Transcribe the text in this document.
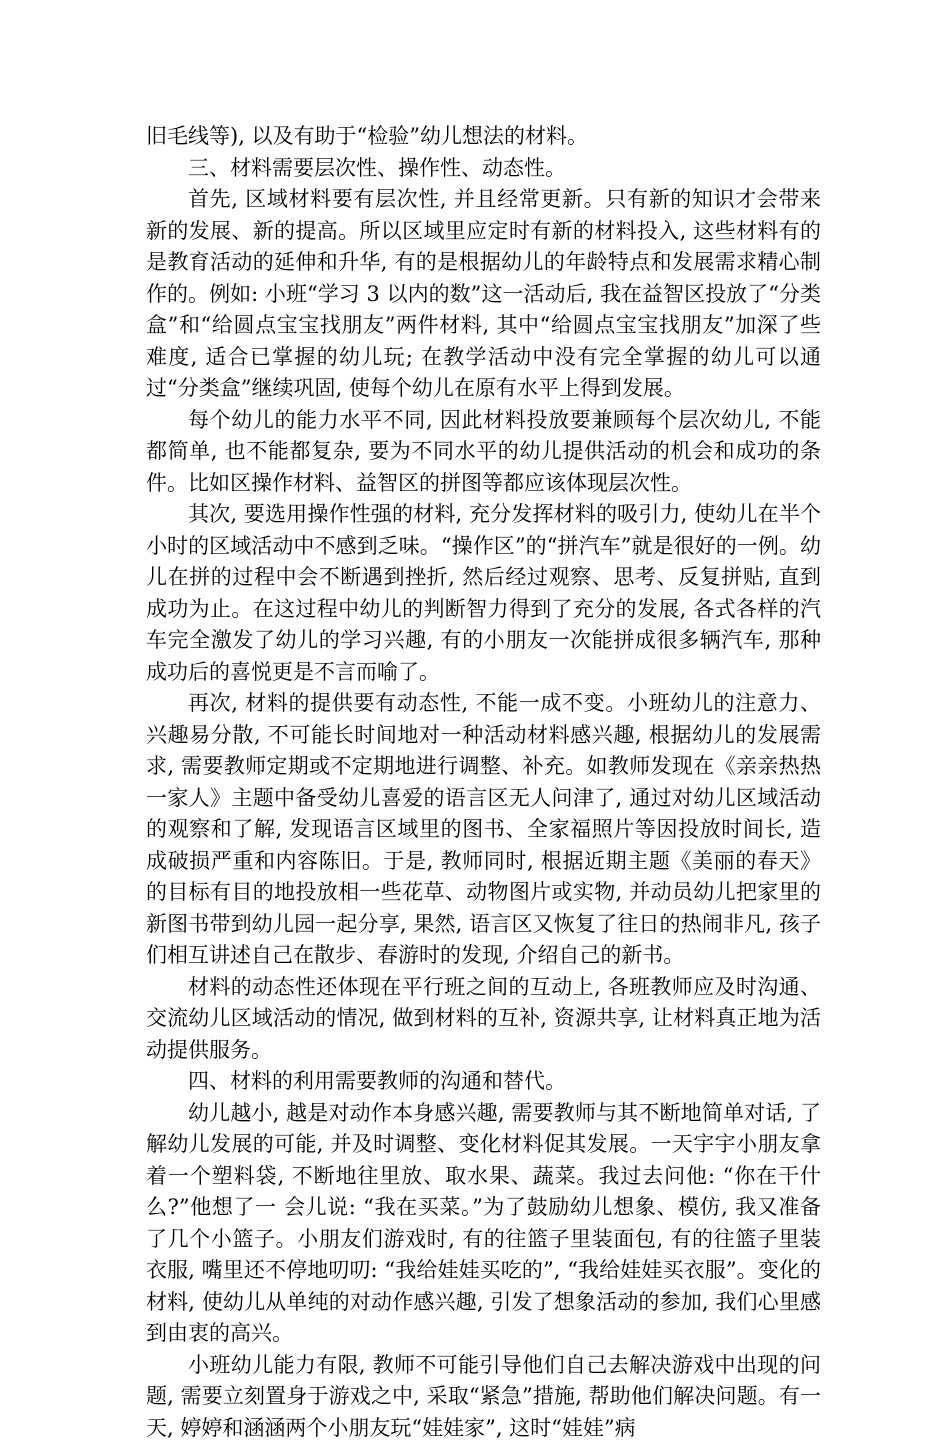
旧毛线等), 以及有助于“检验”幼儿想法的材料。

三、材料需要层次性、操作性、动态性。

首先, 区域材料要有层次性, 并且经常更新。只有新的知识才会带来新的发展、新的提高。所以区域里应定时有新的材料投入, 这些材料有的是教育活动的延伸和升华, 有的是根据幼儿的年龄特点和发展需求精心制作的。例如: 小班“学习 3 以内的数”这一活动后, 我在益智区投放了“分类盒”和“给圆点宝宝找朋友”两件材料, 其中“给圆点宝宝找朋友”加深了些难度, 适合已掌握的幼儿玩; 在教学活动中没有完全掌握的幼儿可以通过“分类盒”继续巩固, 使每个幼儿在原有水平上得到发展。

每个幼儿的能力水平不同, 因此材料投放要兼顾每个层次幼儿, 不能都简单, 也不能都复杂, 要为不同水平的幼儿提供活动的机会和成功的条件。比如区操作材料、益智区的拼图等都应该体现层次性。

其次, 要选用操作性强的材料, 充分发挥材料的吸引力, 使幼儿在半个小时的区域活动中不感到乏味。“操作区”的“拼汽车”就是很好的一例。幼儿在拼的过程中会不断遇到挫折, 然后经过观察、思考、反复拼贴, 直到成功为止。在这过程中幼儿的判断智力得到了充分的发展, 各式各样的汽车完全激发了幼儿的学习兴趣, 有的小朋友一次能拼成很多辆汽车, 那种成功后的喜悦更是不言而喻了。

再次, 材料的提供要有动态性, 不能一成不变。小班幼儿的注意力、兴趣易分散, 不可能长时间地对一种活动材料感兴趣, 根据幼儿的发展需求, 需要教师定期或不定期地进行调整、补充。如教师发现在《亲亲热热一家人》主题中备受幼儿喜爱的语言区无人问津了, 通过对幼儿区域活动的观察和了解, 发现语言区域里的图书、全家福照片等因投放时间长, 造成破损严重和内容陈旧。于是, 教师同时, 根据近期主题《美丽的春天》的目标有目的地投放相一些花草、动物图片或实物, 并动员幼儿把家里的新图书带到幼儿园一起分享, 果然, 语言区又恢复了往日的热闹非凡, 孩子们相互讲述自己在散步、春游时的发现, 介绍自己的新书。

材料的动态性还体现在平行班之间的互动上, 各班教师应及时沟通、交流幼儿区域活动的情况, 做到材料的互补, 资源共享, 让材料真正地为活动提供服务。

四、材料的利用需要教师的沟通和替代。

幼儿越小, 越是对动作本身感兴趣, 需要教师与其不断地简单对话, 了解幼儿发展的可能, 并及时调整、变化材料促其发展。一天宇宇小朋友拿着一个塑料袋, 不断地往里放、取水果、蔬菜。我过去问他: “你在干什么?”他想了一 会儿说: “我在买菜。”为了鼓励幼儿想象、模仿, 我又准备了几个小篮子。小朋友们游戏时, 有的往篮子里装面包, 有的往篮子里装衣服, 嘴里还不停地叨叨: “我给娃娃买吃的”, “我给娃娃买衣服”。变化的材料, 使幼儿从单纯的对动作感兴趣, 引发了想象活动的参加, 我们心里感到由衷的高兴。

小班幼儿能力有限, 教师不可能引导他们自己去解决游戏中出现的问题, 需要立刻置身于游戏之中, 采取“紧急”措施, 帮助他们解决问题。有一天, 婷婷和涵涵两个小朋友玩“娃娃家”, 这时“娃娃”病
